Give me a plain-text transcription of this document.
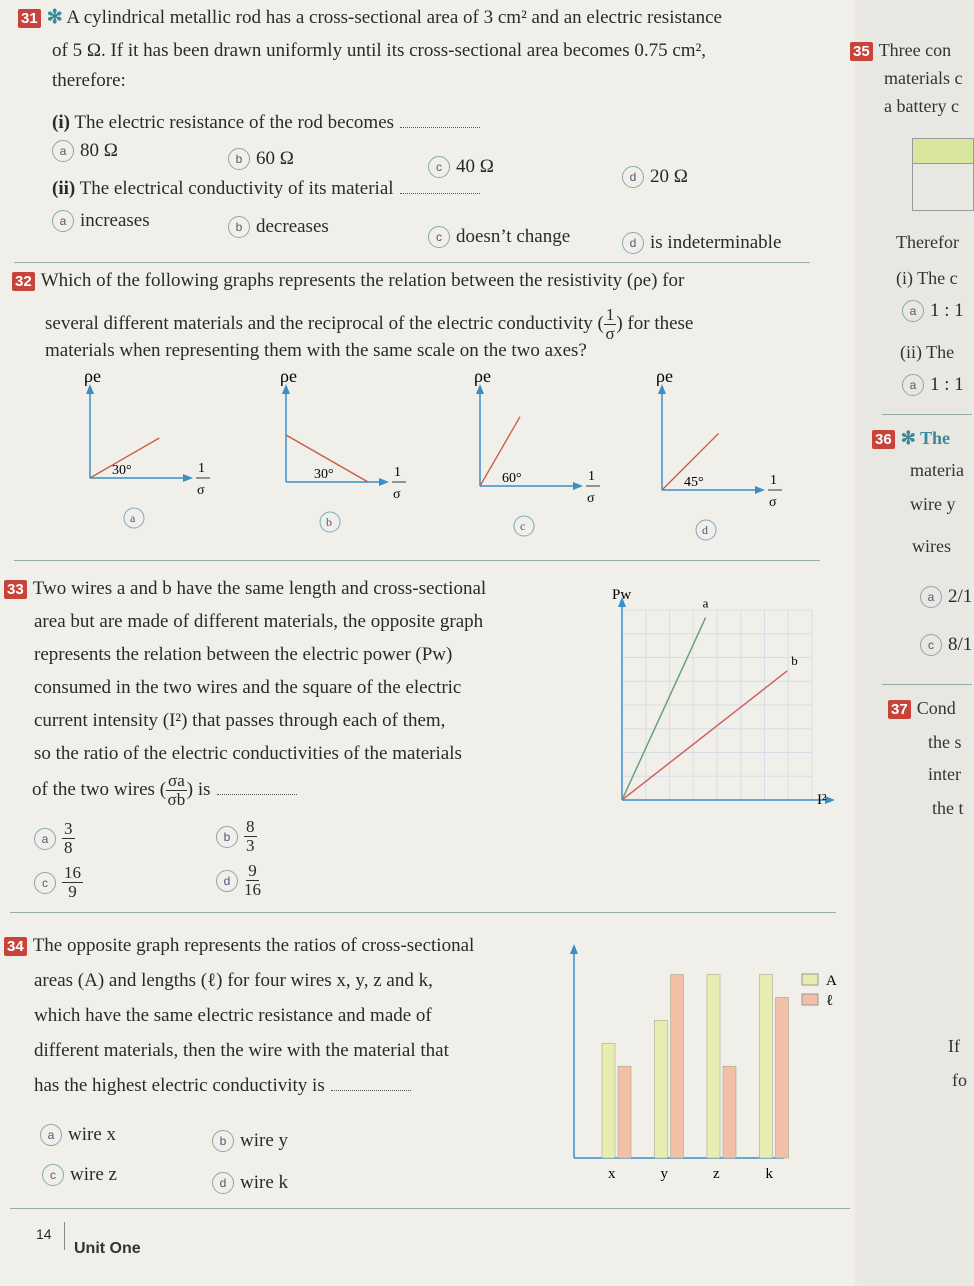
31 ✻ A cylindrical metallic rod has a cross-sectional area of 3 cm² and an electric resistance
of 5 Ω. If it has been drawn uniformly until its cross-sectional area becomes 0.75 cm²,
therefore:
(i) The electric resistance of the rod becomes
a 80 Ω	b 60 Ω	c 40 Ω	d 20 Ω
(ii) The electrical conductivity of its material
a increases	b decreases	c doesn’t change	d is indeterminable
32 Which of the following graphs represents the relation between the resistivity (ρe) for
several different materials and the reciprocal of the electric conductivity ( $\frac{1}{\sigma}$ ) for these
materials when representing them with the same scale on the two axes?
ρe
1
σ
30°
a
ρe
1
σ
30°
b
ρe
1
σ
60°
c
ρe
1
σ
45°
d
33 Two wires a and b have the same length and cross-sectional
area but are made of different materials, the opposite graph
represents the relation between the electric power (Pw)
consumed in the two wires and the square of the electric
current intensity (I²) that passes through each of them,
so the ratio of the electric conductivities of the materials
of the two wires ( $\frac{\sigma a}{\sigma b}$ ) is
a $\frac{3}{8}$	b $\frac{8}{3}$
c $\frac{16}{9}$	d $\frac{9}{16}$
Pw
I²
a
b
34 The opposite graph represents the ratios of cross-sectional
areas (A) and lengths (ℓ) for four wires x, y, z and k,
which have the same electric resistance and made of
different materials, then the wire with the material that
has the highest electric conductivity is
a wire x	b wire y
c wire z	d wire k	x	y	z	k
A
ℓ
14
Unit One
35 Three con
materials c
a battery c
Therefor
(i) The c
a 1 : 1
(ii) The
a 1 : 1
36 ✻ The
materia
wire y
wires
a 2/1
c 8/1
37 Cond
the s
inter
the t
If
fo
